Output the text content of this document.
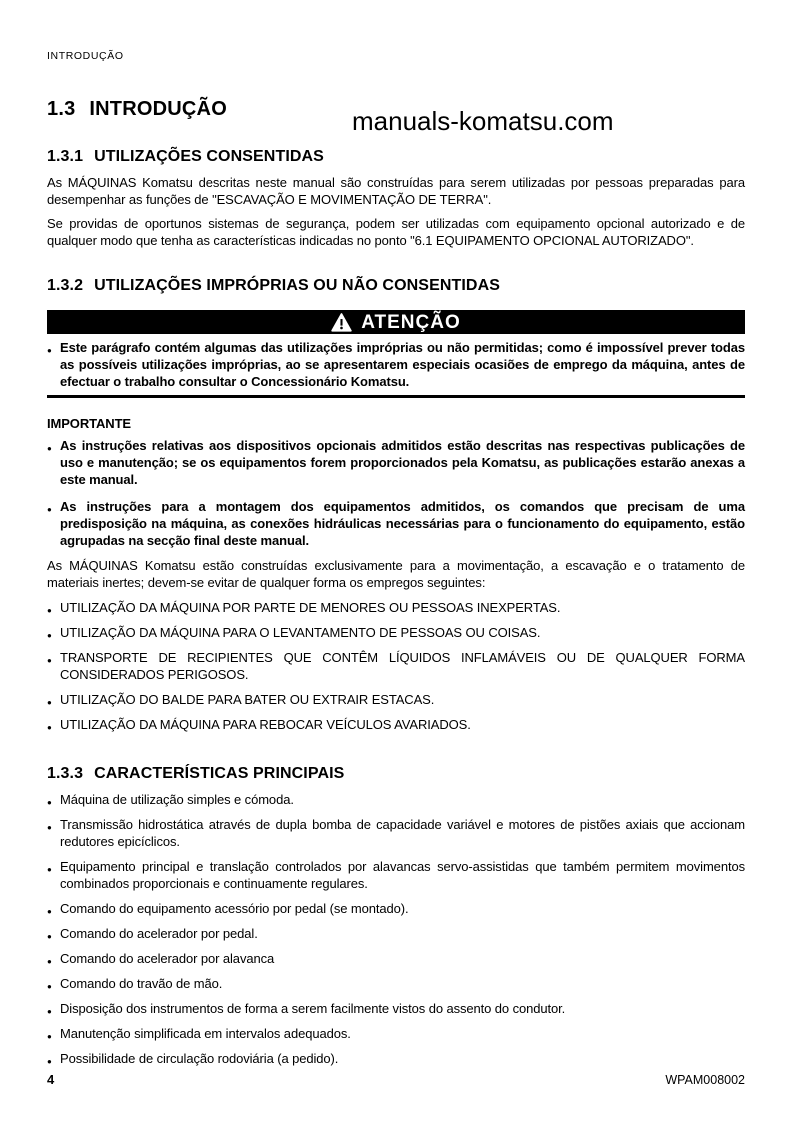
INTRODUÇÃO
manuals-komatsu.com
1.3 INTRODUÇÃO
1.3.1 UTILIZAÇÕES CONSENTIDAS

As MÁQUINAS Komatsu descritas neste manual são construídas para serem utilizadas por pessoas preparadas para desempenhar as funções de "ESCAVAÇÃO E MOVIMENTAÇÃO DE TERRA".

Se providas de oportunos sistemas de segurança, podem ser utilizadas com equipamento opcional autorizado e de qualquer modo que tenha as características indicadas no ponto "6.1 EQUIPAMENTO OPCIONAL AUTORIZADO".

1.3.2 UTILIZAÇÕES IMPRÓPRIAS OU NÃO CONSENTIDAS
ATENÇÃO
● Este parágrafo contém algumas das utilizações impróprias ou não permitidas; como é impossível prever todas as possíveis utilizações impróprias, ao se apresentarem especiais ocasiões de emprego da máquina, antes de efectuar o trabalho consultar o Concessionário Komatsu.
IMPORTANTE
● As instruções relativas aos dispositivos opcionais admitidos estão descritas nas respectivas publicações de uso e manutenção; se os equipamentos forem proporcionados pela Komatsu, as publicações estarão anexas a este manual.
● As instruções para a montagem dos equipamentos admitidos, os comandos que precisam de uma predisposição na máquina, as conexões hidráulicas necessárias para o funcionamento do equipamento, estão agrupadas na secção final deste manual.

As MÁQUINAS Komatsu estão construídas exclusivamente para a movimentação, a escavação e o tratamento de materiais inertes; devem-se evitar de qualquer forma os empregos seguintes:

● UTILIZAÇÃO DA MÁQUINA POR PARTE DE MENORES OU PESSOAS INEXPERTAS.
● UTILIZAÇÃO DA MÁQUINA PARA O LEVANTAMENTO DE PESSOAS OU COISAS.
● TRANSPORTE DE RECIPIENTES QUE CONTÊM LÍQUIDOS INFLAMÁVEIS OU DE QUALQUER FORMA CONSIDERADOS PERIGOSOS.
● UTILIZAÇÃO DO BALDE PARA BATER OU EXTRAIR ESTACAS.
● UTILIZAÇÃO DA MÁQUINA PARA REBOCAR VEÍCULOS AVARIADOS.
1.3.3 CARACTERÍSTICAS PRINCIPAIS
● Máquina de utilização simples e cómoda.
● Transmissão hidrostática através de dupla bomba de capacidade variável e motores de pistões axiais que accionam redutores epicíclicos.
● Equipamento principal e translação controlados por alavancas servo-assistidas que também permitem movimentos combinados proporcionais e continuamente regulares.
● Comando do equipamento acessório por pedal (se montado).
● Comando do acelerador por pedal.
● Comando do acelerador por alavanca
● Comando do travão de mão.
● Disposição dos instrumentos de forma a serem facilmente vistos do assento do condutor.
● Manutenção simplificada em intervalos adequados.
● Possibilidade de circulação rodoviária (a pedido).
4	WPAM008002
